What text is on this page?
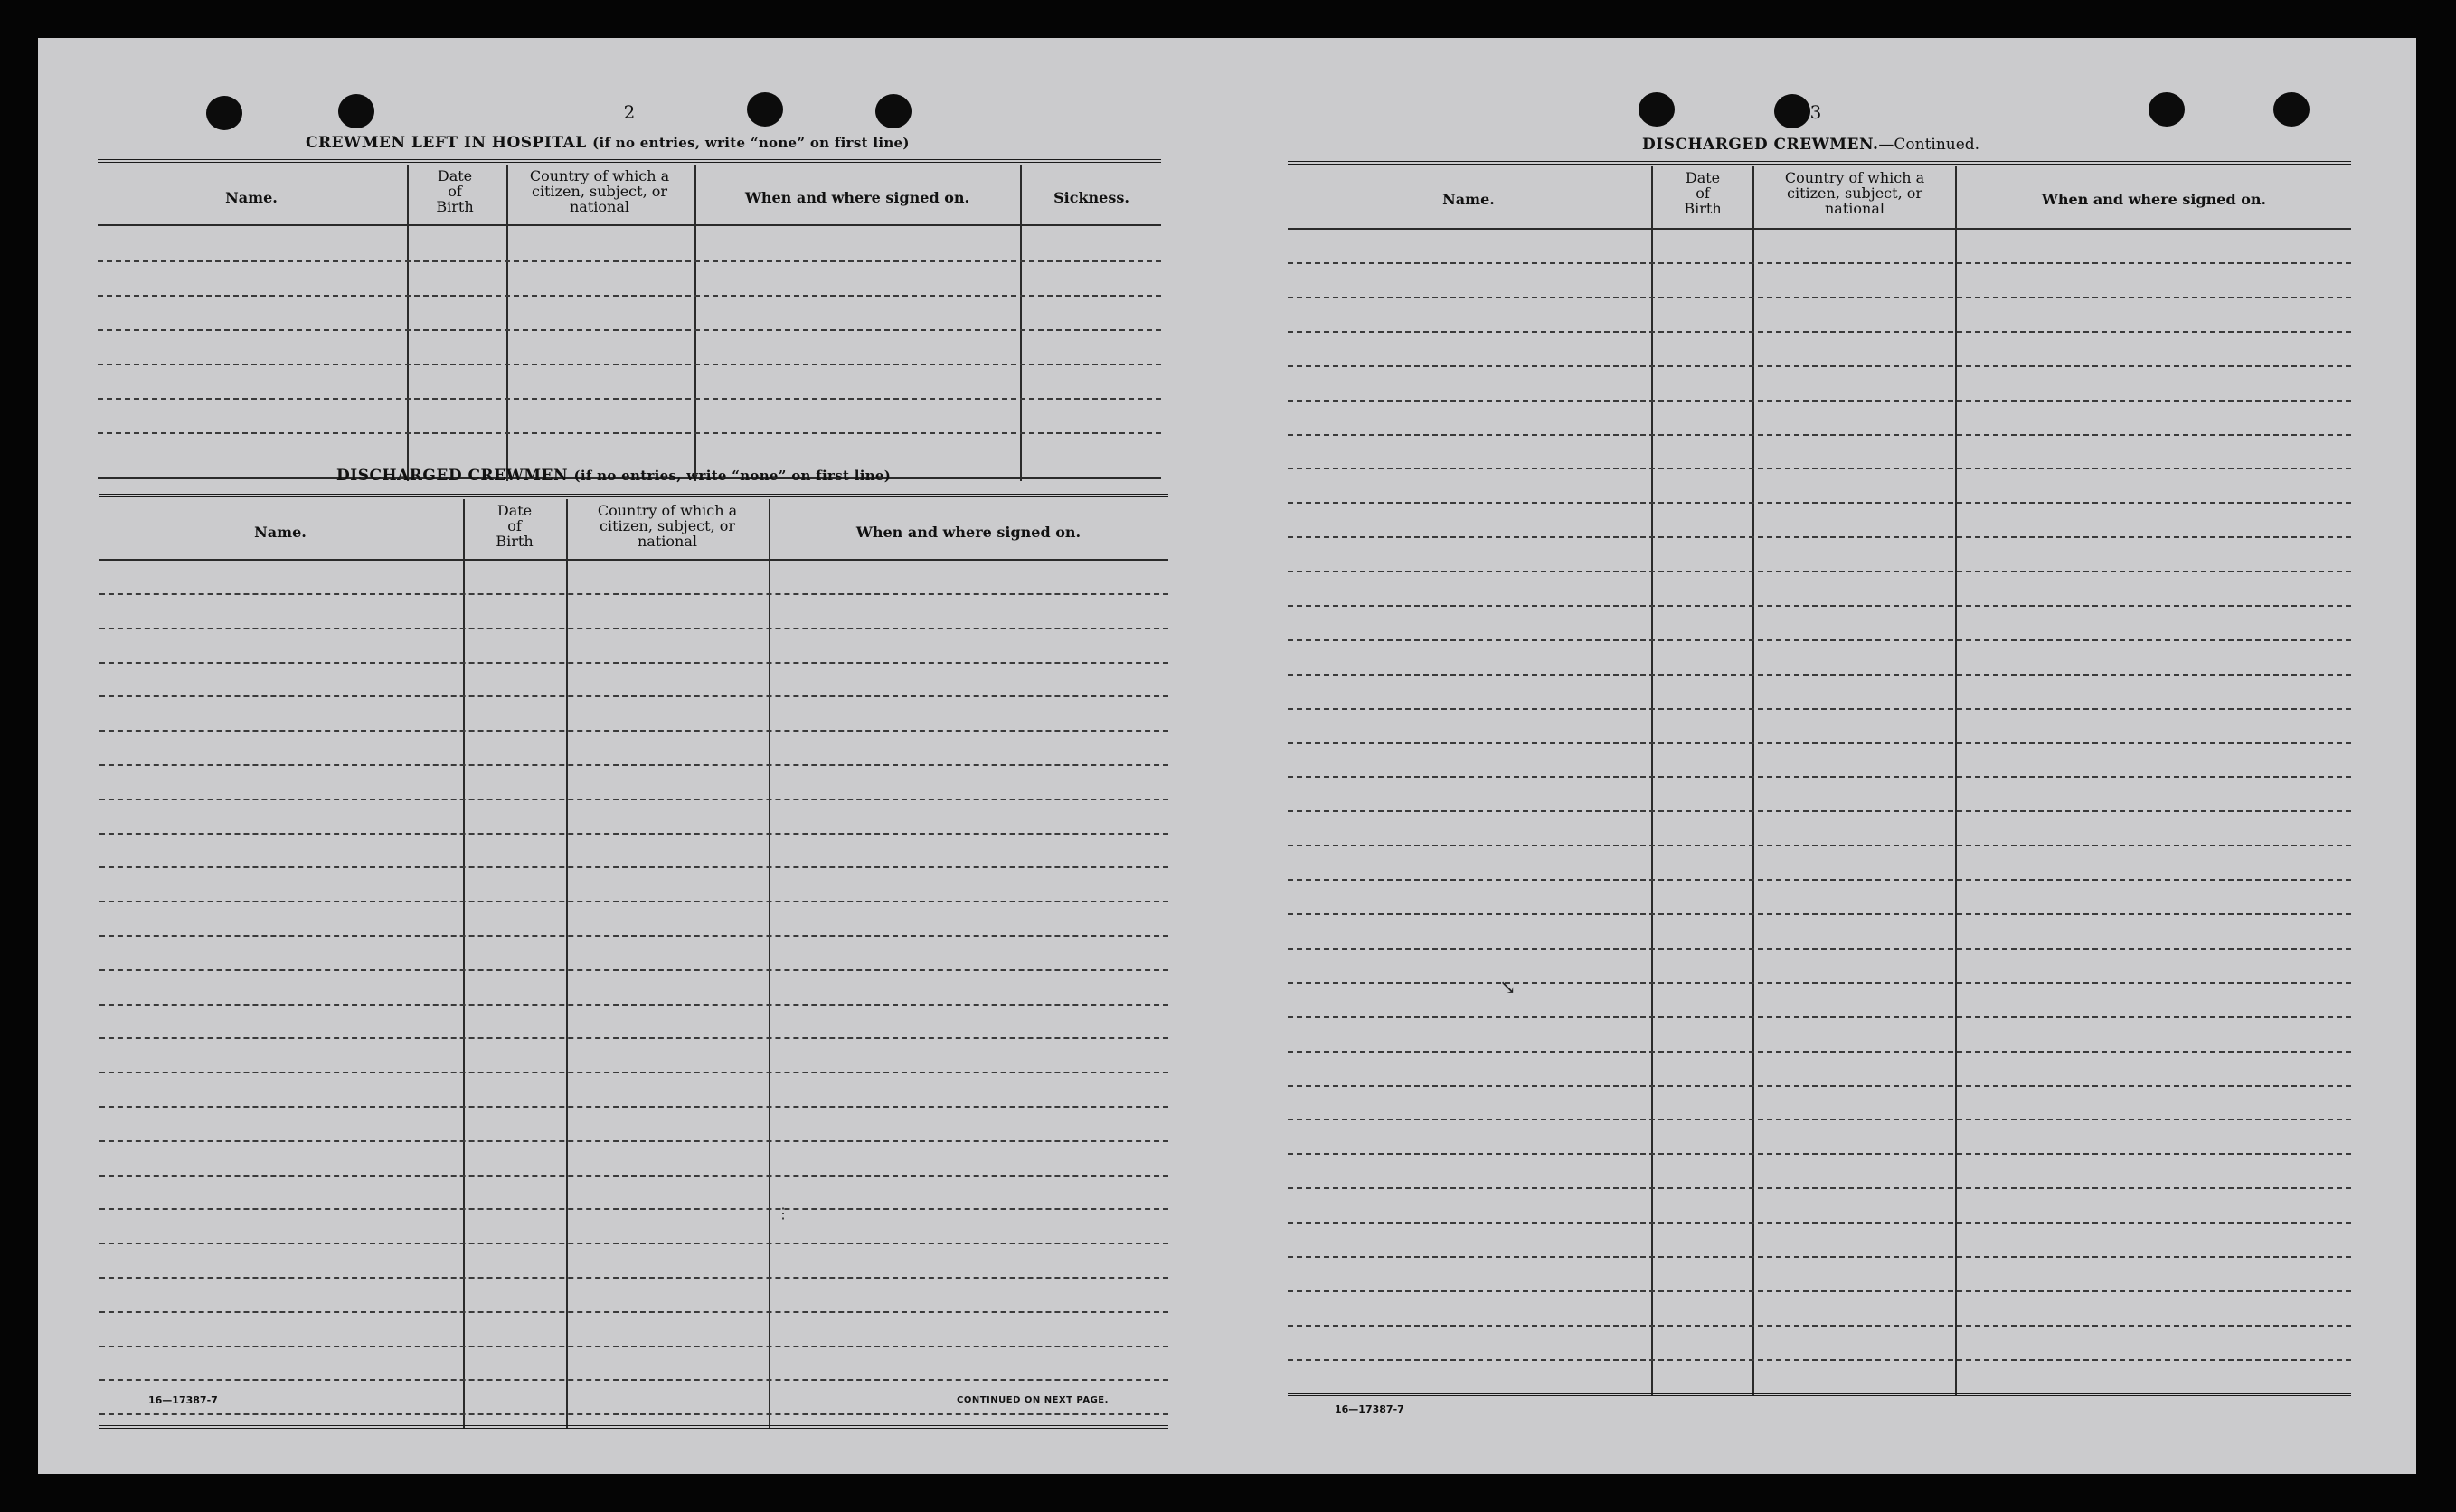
2
CREWMEN LEFT IN HOSPITAL (if no entries, write “none” on first line)
Name.
Date
of
Birth
Country of which a
citizen, subject, or
national
When and where signed on.	Sickness.
DISCHARGED CREWMEN (if no entries, write “none” on first line)
Name.
Date
of
Birth
Country of which a
citizen, subject, or
national
When and where signed on.
16—17387-7	CONTINUED ON NEXT PAGE.
3
DISCHARGED CREWMEN.—Continued.
Name.
Date
of
Birth
Country of which a
citizen, subject, or
national
When and where signed on.
16—17387-7
↘
⋮
